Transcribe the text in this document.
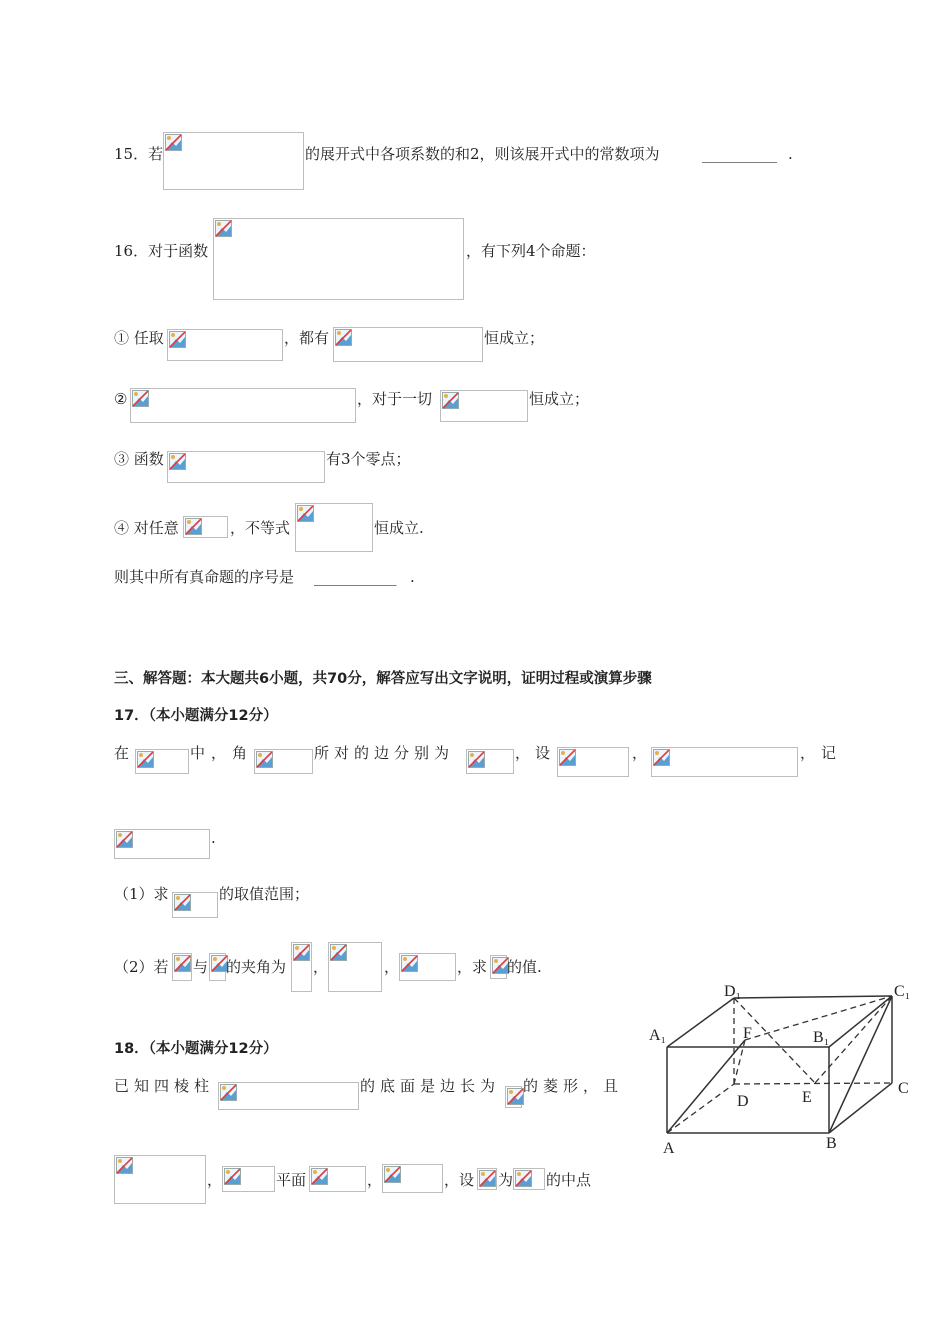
15．若	的展开式中各项系数的和2，则该展开式中的常数项为	__________ .
16．对于函数	，有下列4个命题：
① 任取	，都有	恒成立；
②	，对于一切	恒成立；
③ 函数	有3个零点；
④ 对任意	，不等式	恒成立.
则其中所有真命题的序号是 ___________ .
三、解答题：本大题共6小题，共70分，解答应写出文字说明，证明过程或演算步骤
17．（本小题满分12分）
在	中，角	所对的边分别为	，设	，	，记
.
（1）求	的取值范围；
（2）若 与 的夹角为 ，	，	，求 的值.
18．（本小题满分12分）
已知四棱柱	的底面是边长为 的菱形，且
，	平面	，	，设 为 的中点
D₁	C₁
A₁	B₁
F
D	E
C
A	B
